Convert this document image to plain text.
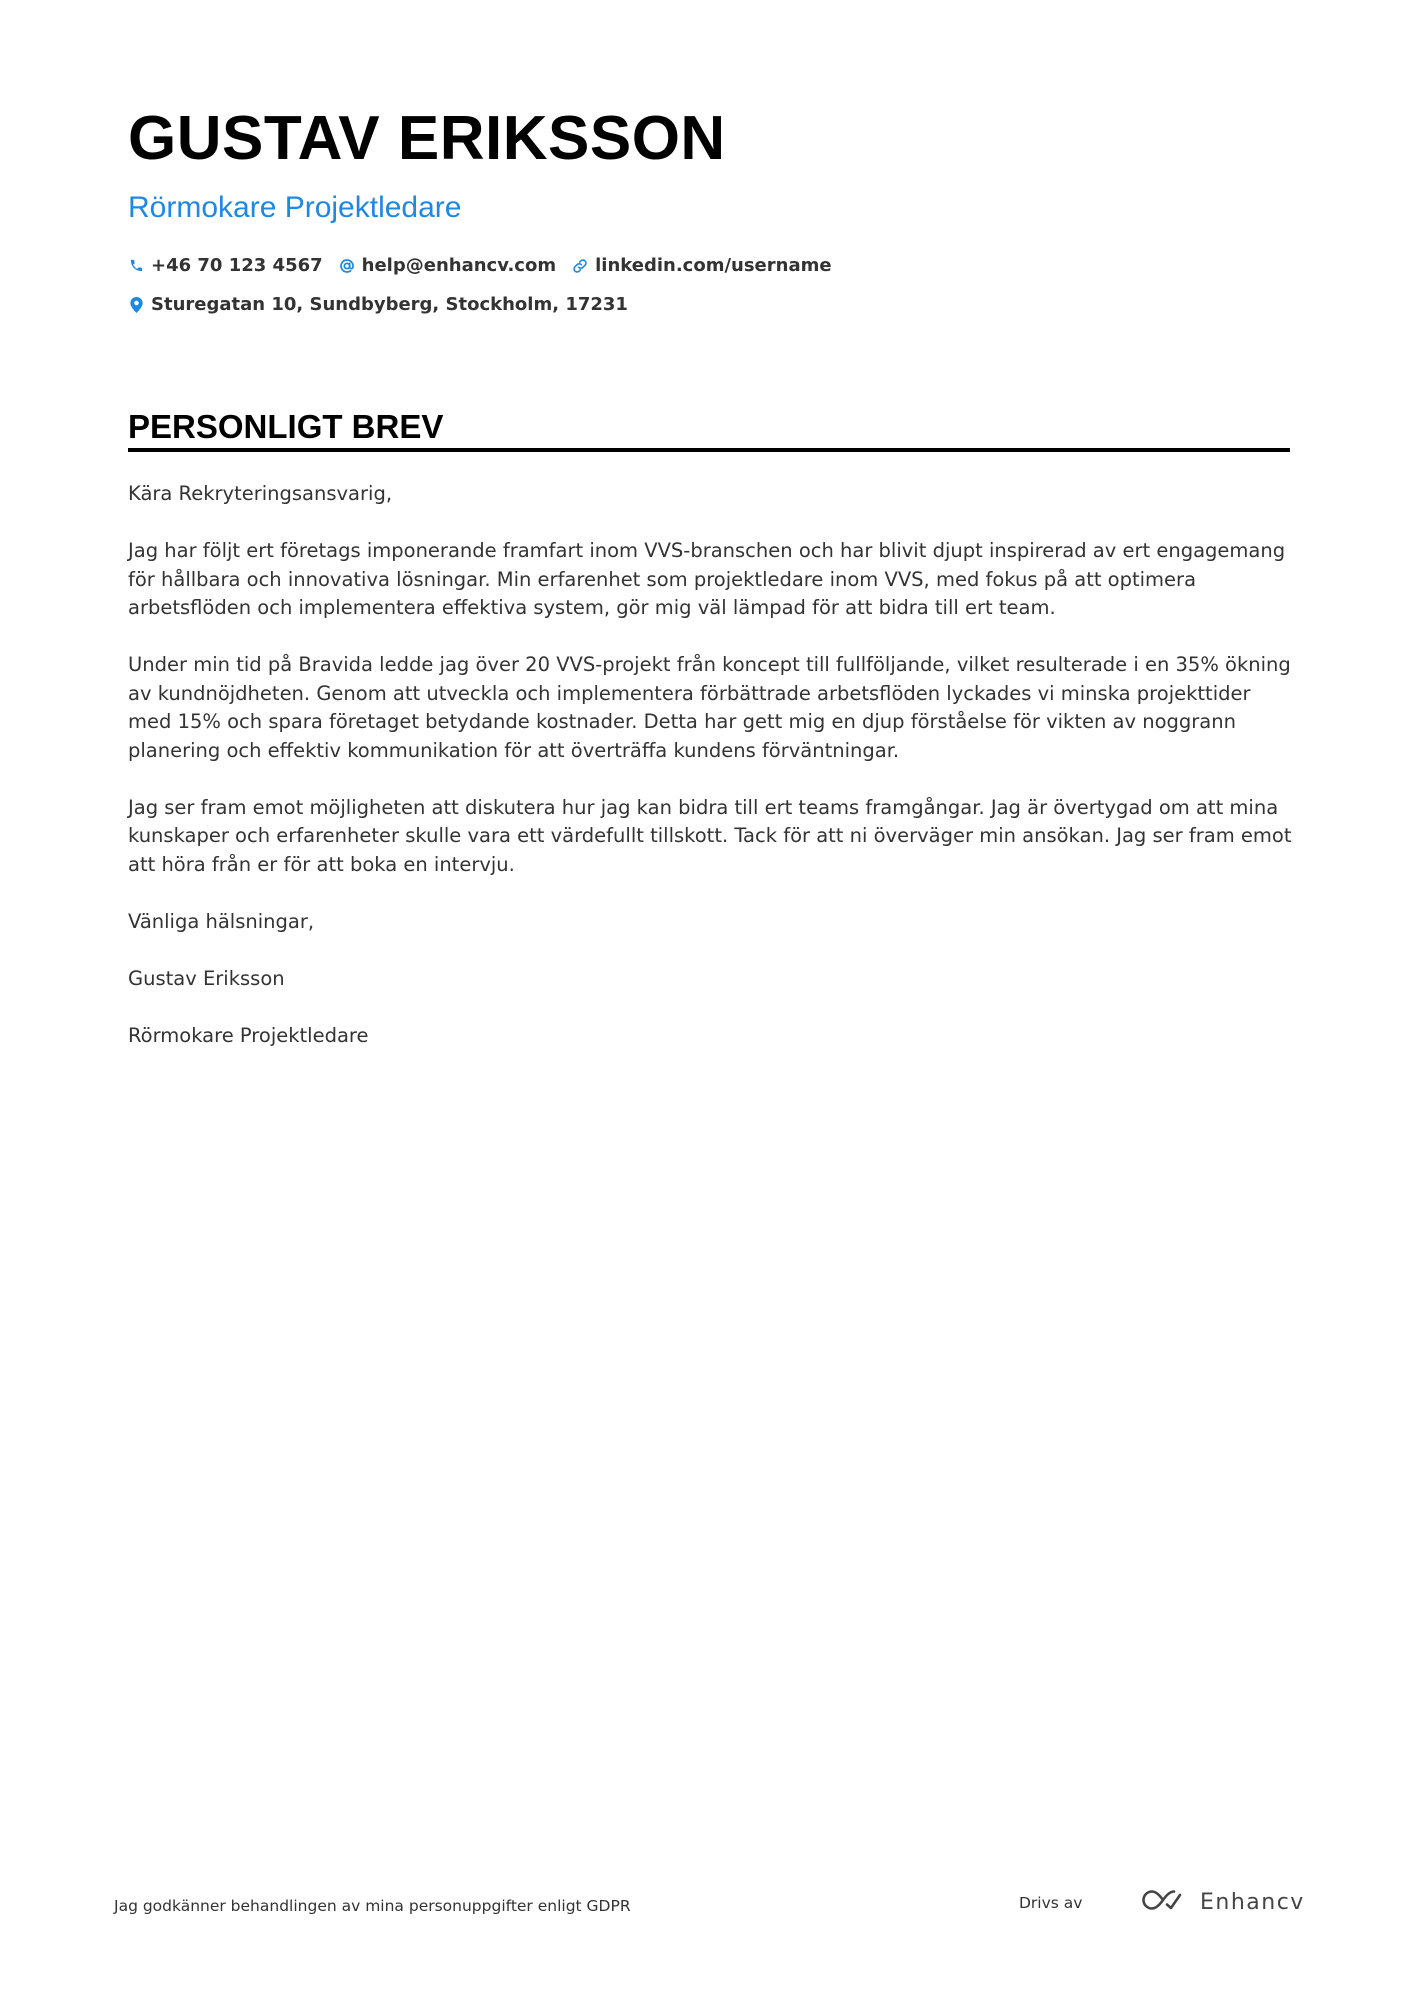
GUSTAV ERIKSSON
Rörmokare Projektledare
+46 70 123 4567 help@enhancv.com linkedin.com/username
Sturegatan 10, Sundbyberg, Stockholm, 17231
PERSONLIGT BREV

Kära Rekryteringsansvarig,

Jag har följt ert företags imponerande framfart inom VVS-branschen och har blivit djupt inspirerad av ert engagemang för hållbara och innovativa lösningar. Min erfarenhet som projektledare inom VVS, med fokus på att optimera arbetsflöden och implementera effektiva system, gör mig väl lämpad för att bidra till ert team.

Under min tid på Bravida ledde jag över 20 VVS-projekt från koncept till fullföljande, vilket resulterade i en 35% ökning av kundnöjdheten. Genom att utveckla och implementera förbättrade arbetsflöden lyckades vi minska projekttider med 15% och spara företaget betydande kostnader. Detta har gett mig en djup förståelse för vikten av noggrann planering och effektiv kommunikation för att överträffa kundens förväntningar.

Jag ser fram emot möjligheten att diskutera hur jag kan bidra till ert teams framgångar. Jag är övertygad om att mina kunskaper och erfarenheter skulle vara ett värdefullt tillskott. Tack för att ni överväger min ansökan. Jag ser fram emot att höra från er för att boka en intervju.

Vänliga hälsningar,

Gustav Eriksson

Rörmokare Projektledare

Jag godkänner behandlingen av mina personuppgifter enligt GDPR	Drivs av	Enhancv
